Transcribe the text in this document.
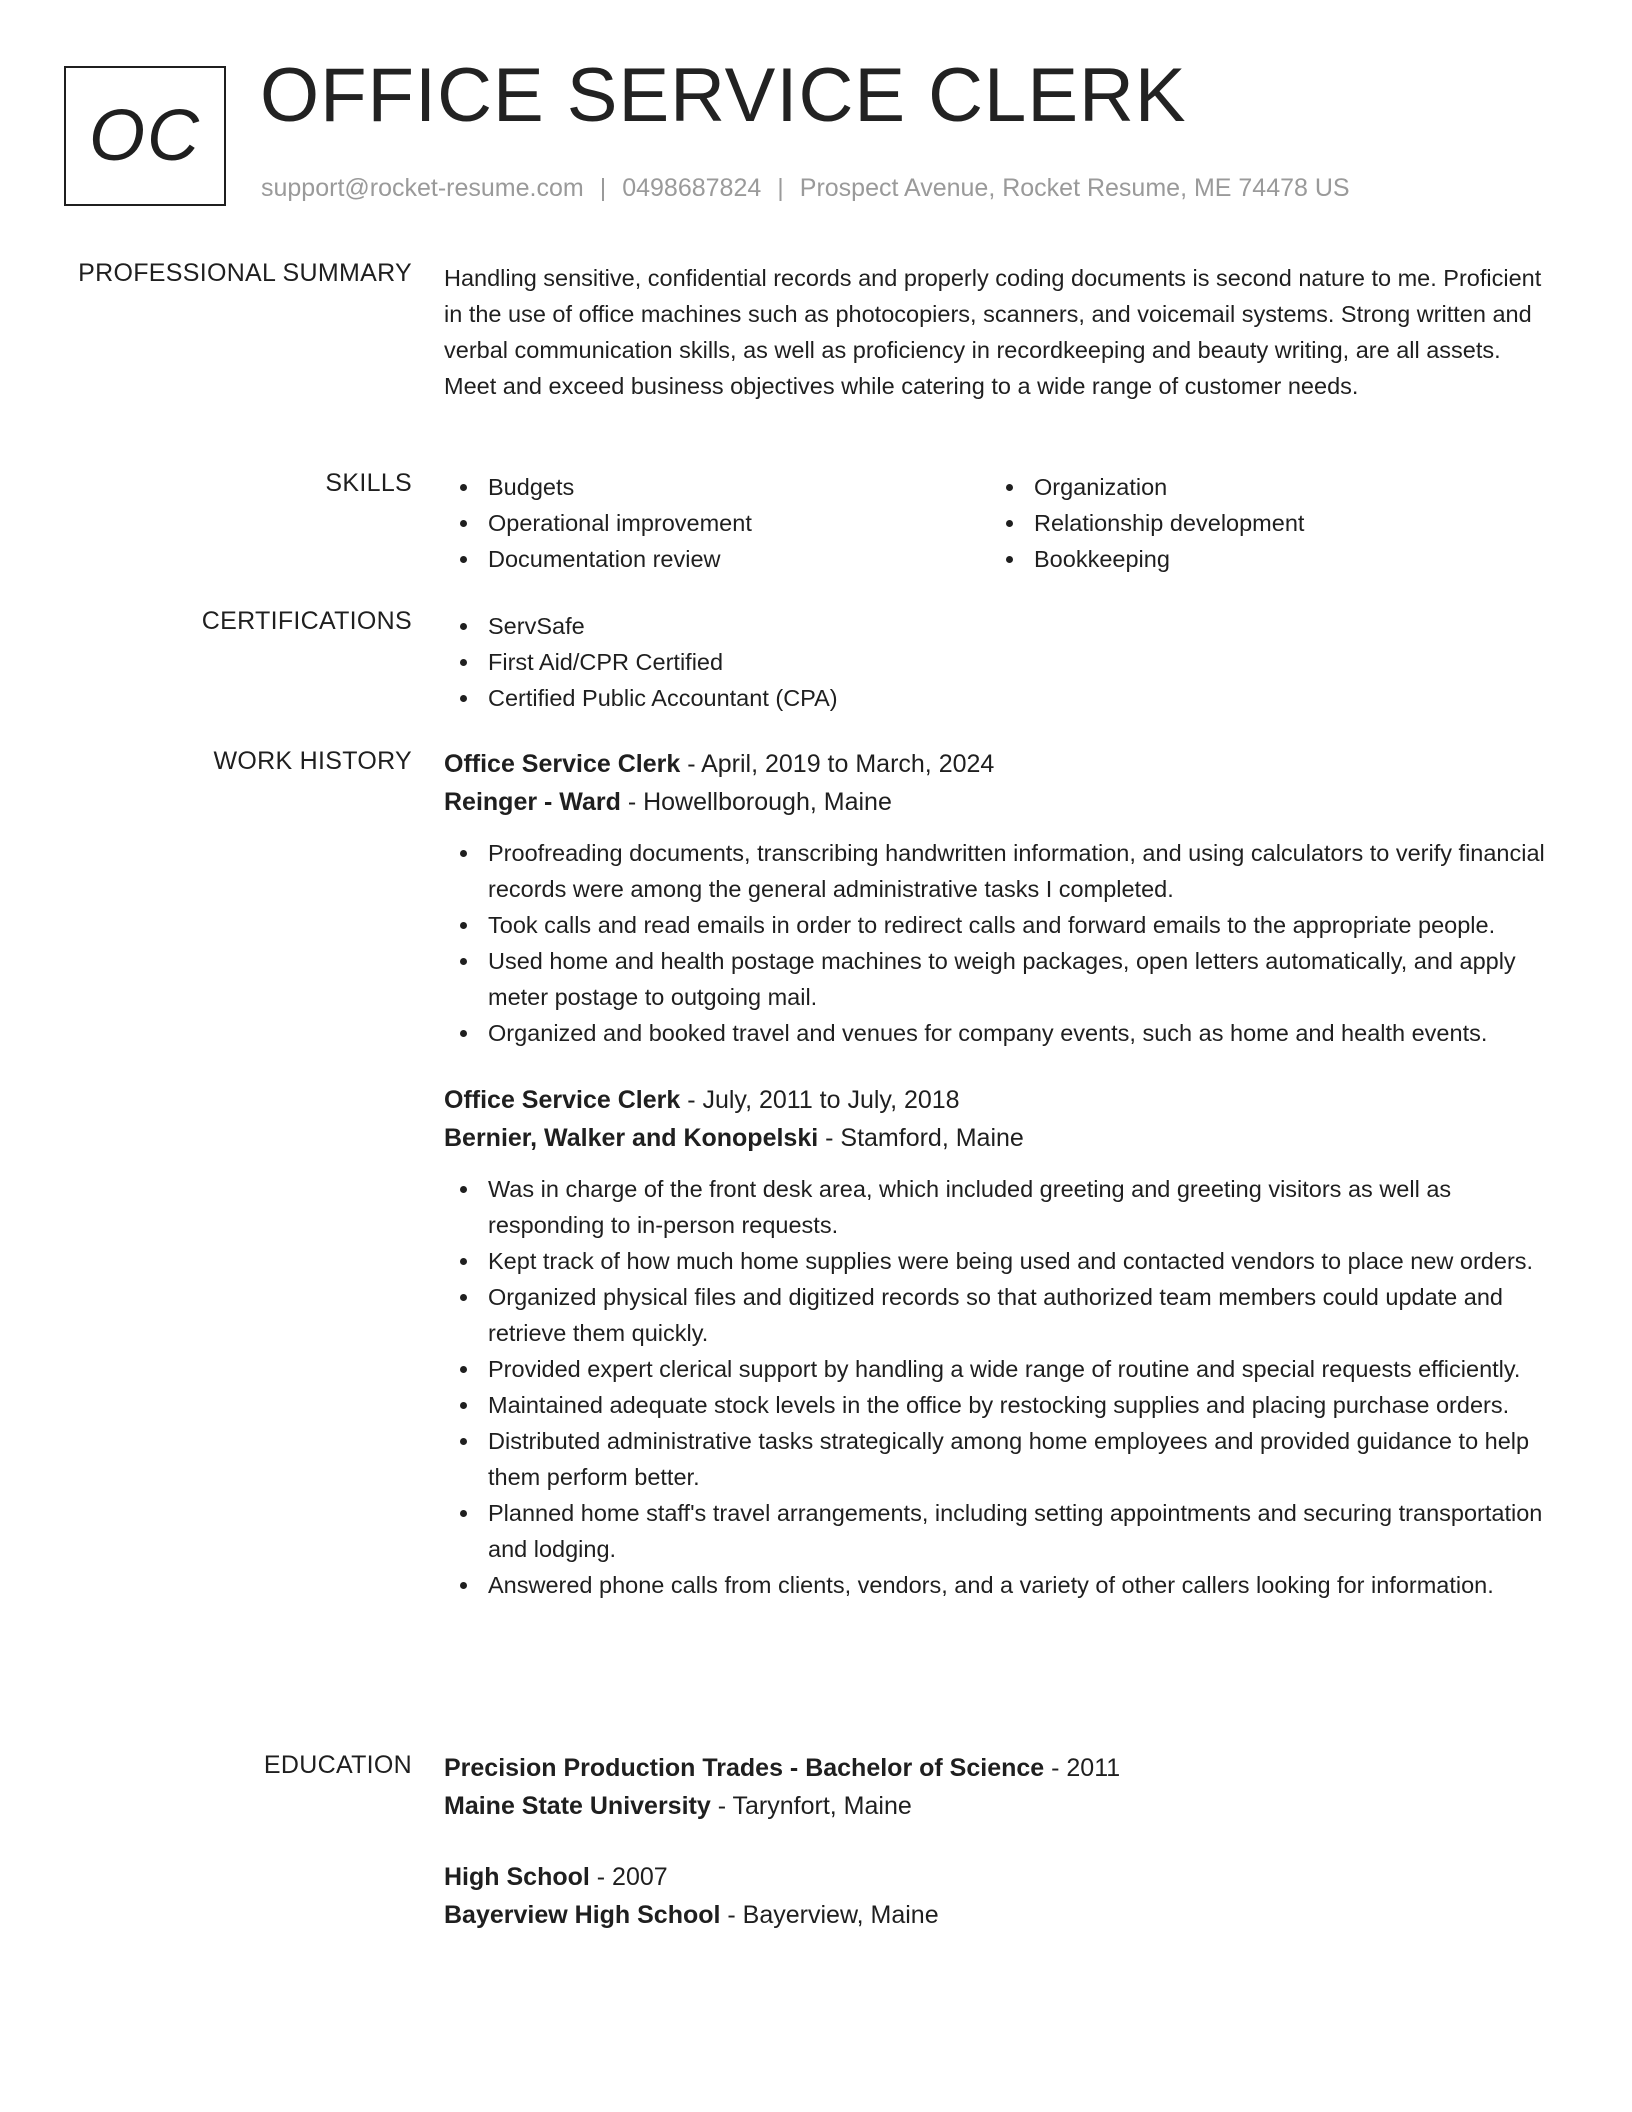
OC OFFICE SERVICE CLERK
support@rocket-resume.com | 0498687824 | Prospect Avenue, Rocket Resume, ME 74478 US
PROFESSIONAL SUMMARY Handling sensitive, confidential records and properly coding documents is second nature to me. Proficient in the use of office machines such as photocopiers, scanners, and voicemail systems. Strong written and verbal communication skills, as well as proficiency in recordkeeping and beauty writing, are all assets. Meet and exceed business objectives while catering to a wide range of customer needs.

SKILLS	Budgets
Operational improvement
Documentation review
Organization
Relationship development
Bookkeeping
CERTIFICATIONS	ServSafe
First Aid/CPR Certified
Certified Public Accountant (CPA)
WORK HISTORY Office Service Clerk - April, 2019 to March, 2024
Reinger - Ward - Howellborough, Maine
Proofreading documents, transcribing handwritten information, and using calculators to verify financial records were among the general administrative tasks I completed.
Took calls and read emails in order to redirect calls and forward emails to the appropriate people.
Used home and health postage machines to weigh packages, open letters automatically, and apply meter postage to outgoing mail.
Organized and booked travel and venues for company events, such as home and health events.
Office Service Clerk - July, 2011 to July, 2018
Bernier, Walker and Konopelski - Stamford, Maine
Was in charge of the front desk area, which included greeting and greeting visitors as well as responding to in-person requests.
Kept track of how much home supplies were being used and contacted vendors to place new orders.
Organized physical files and digitized records so that authorized team members could update and retrieve them quickly.
Provided expert clerical support by handling a wide range of routine and special requests efficiently.
Maintained adequate stock levels in the office by restocking supplies and placing purchase orders.
Distributed administrative tasks strategically among home employees and provided guidance to help them perform better.
Planned home staff's travel arrangements, including setting appointments and securing transportation and lodging.
Answered phone calls from clients, vendors, and a variety of other callers looking for information.
EDUCATION Precision Production Trades - Bachelor of Science - 2011
Maine State University - Tarynfort, Maine
High School - 2007
Bayerview High School - Bayerview, Maine
